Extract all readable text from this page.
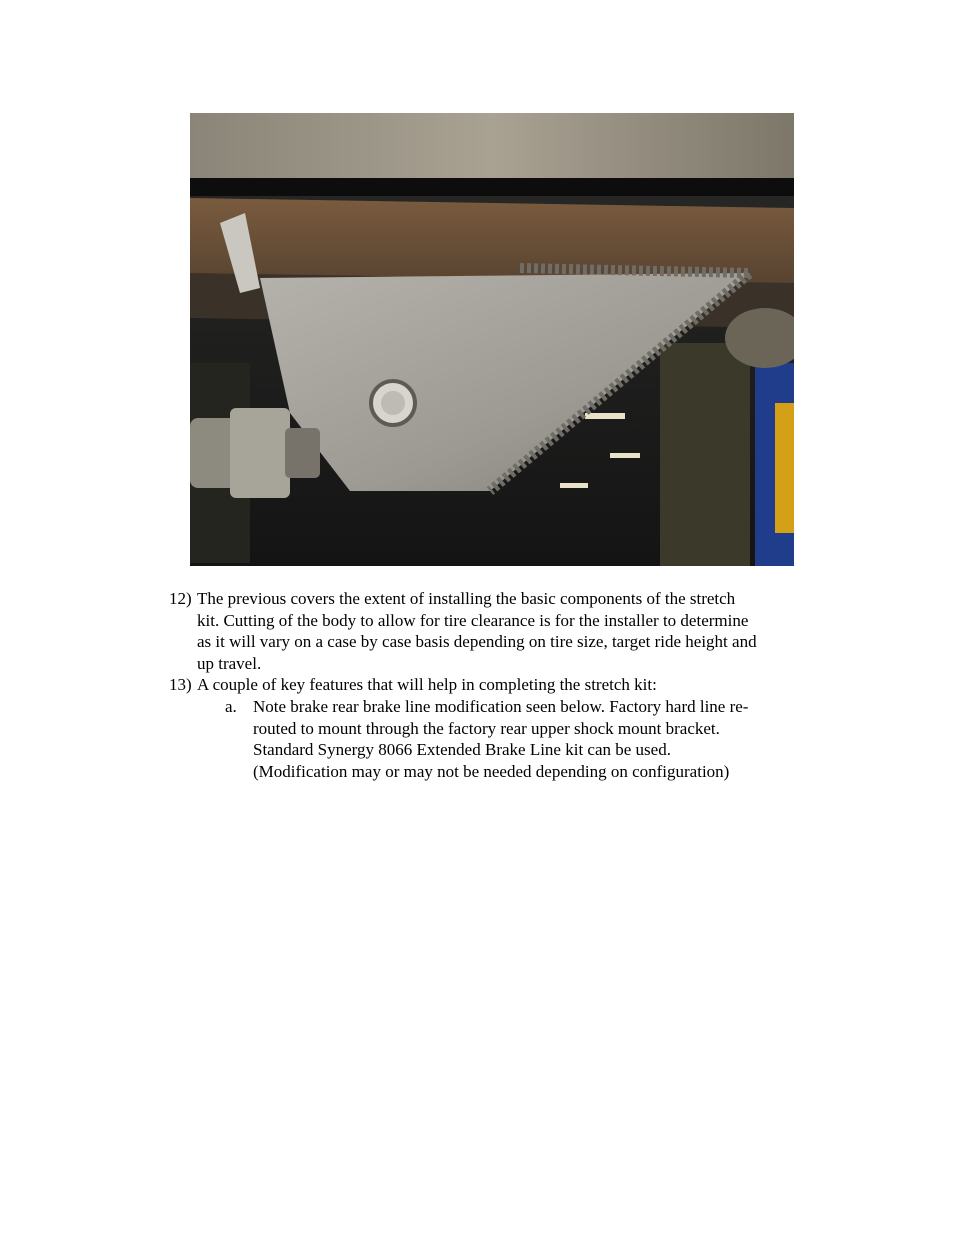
12) The previous covers the extent of installing the basic components of the stretch
kit. Cutting of the body to allow for tire clearance is for the installer to determine
as it will vary on a case by case basis depending on tire size, target ride height and
up travel.
13) A couple of key features that will help in completing the stretch kit:
a. Note brake rear brake line modification seen below. Factory hard line re-
routed to mount through the factory rear upper shock mount bracket.
Standard Synergy 8066 Extended Brake Line kit can be used.
(Modification may or may not be needed depending on configuration)
